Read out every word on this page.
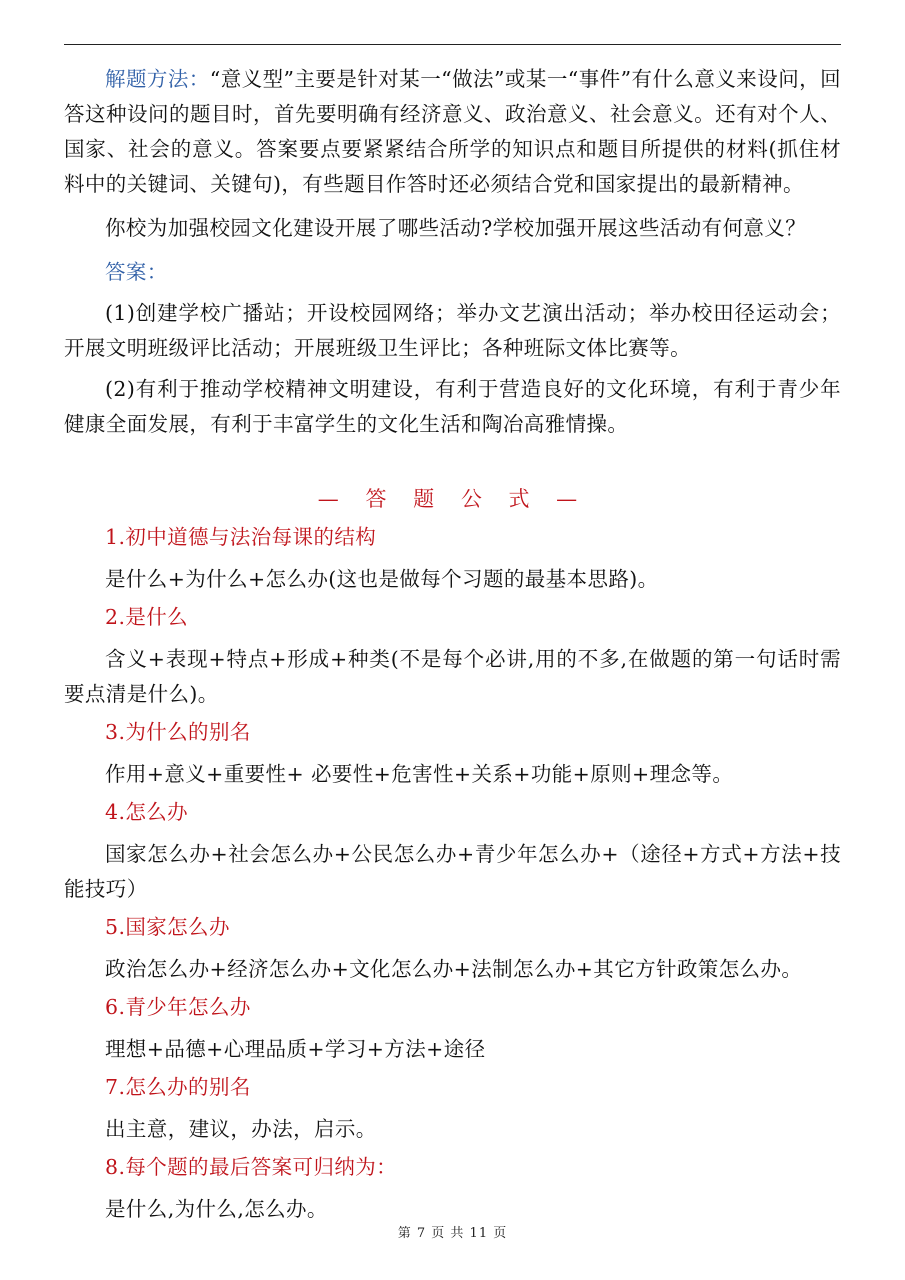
解题方法：“意义型”主要是针对某一“做法”或某一“事件”有什么意义来设问，回答这种设问的题目时，首先要明确有经济意义、政治意义、社会意义。还有对个人、国家、社会的意义。答案要点要紧紧结合所学的知识点和题目所提供的材料(抓住材料中的关键词、关键句)，有些题目作答时还必须结合党和国家提出的最新精神。

你校为加强校园文化建设开展了哪些活动?学校加强开展这些活动有何意义？

答案：

(1)创建学校广播站；开设校园网络；举办文艺演出活动；举办校田径运动会；开展文明班级评比活动；开展班级卫生评比；各种班际文体比赛等。

(2)有利于推动学校精神文明建设，有利于营造良好的文化环境，有利于青少年健康全面发展，有利于丰富学生的文化生活和陶冶高雅情操。

— 答 题 公 式 —

1.初中道德与法治每课的结构

是什么+为什么+怎么办(这也是做每个习题的最基本思路)。

2.是什么

含义+表现+特点+形成+种类(不是每个必讲,用的不多,在做题的第一句话时需要点清是什么)。

3.为什么的别名

作用+意义+重要性+ 必要性+危害性+关系+功能+原则+理念等。

4.怎么办

国家怎么办+社会怎么办+公民怎么办+青少年怎么办+（途径+方式+方法+技能技巧）

5.国家怎么办

政治怎么办+经济怎么办+文化怎么办+法制怎么办+其它方针政策怎么办。

6.青少年怎么办

理想+品德+心理品质+学习+方法+途径

7.怎么办的别名

出主意，建议，办法，启示。

8.每个题的最后答案可归纳为：

是什么,为什么,怎么办。

第 7 页 共 11 页
